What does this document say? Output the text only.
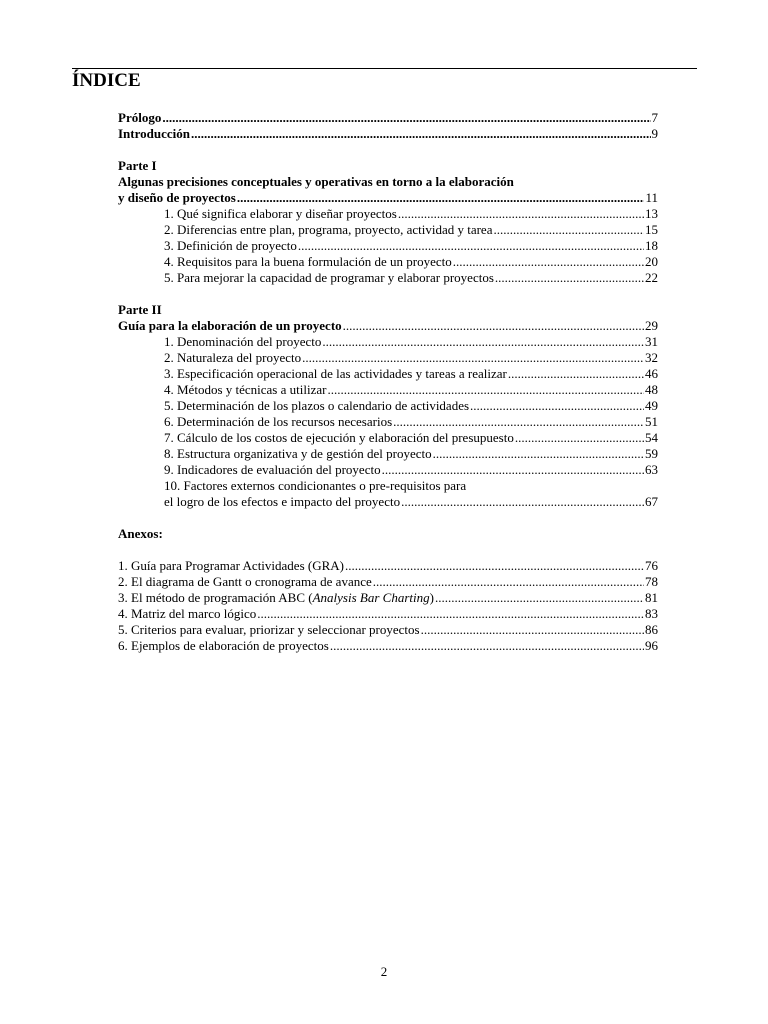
ÍNDICE
Prólogo .....	7
Introducción .....	9
Parte I
Algunas precisiones conceptuales y operativas en torno a la elaboración
y diseño de proyectos .....	11
1. Qué significa elaborar y diseñar proyectos .....	13
2. Diferencias entre plan, programa, proyecto, actividad y tarea .....	15
3. Definición de proyecto .....	18
4. Requisitos para la buena formulación de un proyecto .....	20
5. Para mejorar la capacidad de programar y elaborar proyectos .....	22
Parte II
Guía para la elaboración de un proyecto .....	29
1. Denominación del proyecto .....	31
2. Naturaleza del proyecto .....	32
3. Especificación operacional de las actividades y tareas a realizar .....	46
4. Métodos y técnicas a utilizar .....	48
5. Determinación de los plazos o calendario de actividades .....	49
6. Determinación de los recursos necesarios .....	51
7. Cálculo de los costos de ejecución y elaboración del presupuesto .....	54
8. Estructura organizativa y de gestión del proyecto .....	59
9. Indicadores de evaluación del proyecto .....	63
10. Factores externos condicionantes o pre-requisitos para
el logro de los efectos e impacto del proyecto .....	67
Anexos:
1. Guía para Programar Actividades (GRA) .....	76
2. El diagrama de Gantt o cronograma de avance .....	78
3. El método de programación ABC (Analysis Bar Charting) .....	81
4. Matriz del marco lógico .....	83
5. Criterios para evaluar, priorizar y seleccionar proyectos .....	86
6. Ejemplos de elaboración de proyectos .....	96
2
